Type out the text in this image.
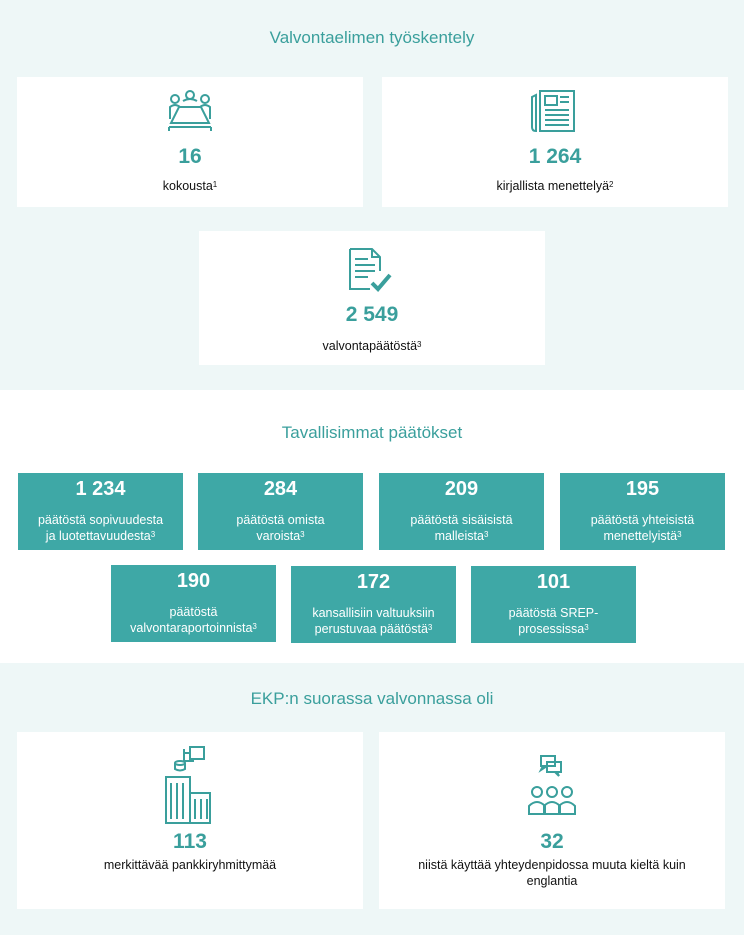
Valvontaelimen työskentely
16
kokousta$^1$
1 264
kirjallista menettelyä$^2$
2 549
valvontapäätöstä$^3$
Tavallisimmat päätökset
1 234
päätöstä sopivuudesta
ja luotettavuudesta$^3$
284
päätöstä omista
varoista$^3$
209
päätöstä sisäisistä
malleista$^3$
195
päätöstä yhteisistä
menettelyistä$^3$
190
päätöstä
valvontaraportoinnista$^3$
172
kansallisiin valtuuksiin
perustuvaa päätöstä$^3$
101
päätöstä SREP-
prosessissa$^3$
EKP:n suorassa valvonnassa oli
113
merkittävää pankkiryhmittymää
32
niistä käyttää yhteydenpidossa muuta kieltä kuin
englantia
